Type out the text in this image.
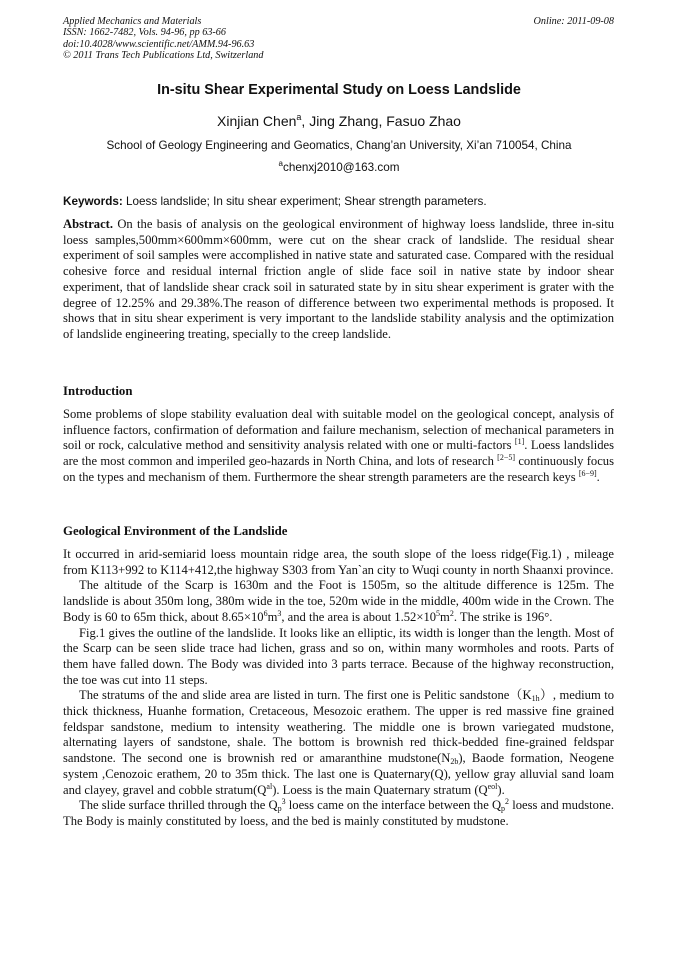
Applied Mechanics and Materials
ISSN: 1662-7482, Vols. 94-96, pp 63-66
doi:10.4028/www.scientific.net/AMM.94-96.63
© 2011 Trans Tech Publications Ltd, Switzerland
Online: 2011-09-08
In-situ Shear Experimental Study on Loess Landslide
Xinjian Chen$^a$, Jing Zhang, Fasuo Zhao
School of Geology Engineering and Geomatics, Chang’an University, Xi’an 710054, China
$^a$chenxj2010@163.com
Keywords: Loess landslide; In situ shear experiment; Shear strength parameters.

Abstract. On the basis of analysis on the geological environment of highway loess landslide, three in-situ loess samples,500mm×600mm×600mm, were cut on the shear crack of landslide. The residual shear experiment of soil samples were accomplished in native state and saturated case. Compared with the residual cohesive force and residual internal friction angle of slide face soil in native state by indoor shear experiment, that of landslide shear crack soil in saturated state by in situ shear experiment is grater with the degree of 12.25% and 29.38%.The reason of difference between two experimental methods is proposed. It shows that in situ shear experiment is very important to the landslide stability analysis and the optimization of landslide engineering treating, specially to the creep landslide.

Introduction

Some problems of slope stability evaluation deal with suitable model on the geological concept, analysis of influence factors, confirmation of deformation and failure mechanism, selection of mechanical parameters in soil or rock, calculative method and sensitivity analysis related with one or multi-factors [1]. Loess landslides are the most common and imperiled geo-hazards in North China, and lots of research [2−5] continuously focus on the types and mechanism of them. Furthermore the shear strength parameters are the research keys [6−9].

Geological Environment of the Landslide

It occurred in arid-semiarid loess mountain ridge area, the south slope of the loess ridge(Fig.1) , mileage from K113+992 to K114+412,the highway S303 from Yan`an city to Wuqi county in north Shaanxi province.

The altitude of the Scarp is 1630m and the Foot is 1505m, so the altitude difference is 125m. The landslide is about 350m long, 380m wide in the toe, 520m wide in the middle, 400m wide in the Crown. The Body is 60 to 65m thick, about $8.65\times 10^6m^3$, and the area is about $1.52\times 10^5m^2$. The strike is 196°.

Fig.1 gives the outline of the landslide. It looks like an elliptic, its width is longer than the length. Most of the Scarp can be seen slide trace had lichen, grass and so on, within many wormholes and roots. Parts of them have falled down. The Body was divided into 3 parts terrace. Because of the highway reconstruction, the toe was cut into 11 steps.

The stratums of the and slide area are listed in turn. The first one is Pelitic $sandstone(K_{1h})$, medium to thick thickness, Huanhe formation, Cretaceous, Mesozoic erathem. The upper is red massive fine grained feldspar sandstone, medium to intensity weathering. The middle one is brown variegated mudstone, alternating layers of sandstone, shale. The bottom is brownish red thick-bedded fine-grained feldspar sandstone. The second one is brownish red or amaranthine $mudstone(N_{2b})$, Baode formation, Neogene system ,Cenozoic erathem, 20 to 35m thick. The last one is Quaternary(Q), yellow gray alluvial sand loam and clayey, gravel and cobble $stratum(Q^{al})$. Loess is the main Quaternary stratum $(Q^{eol})$.

The slide surface thrilled through the $Q_p^3$ loess came on the interface between the $Q_p^2$ loess and mudstone. The Body is mainly constituted by loess, and the bed is mainly constituted by mudstone.
